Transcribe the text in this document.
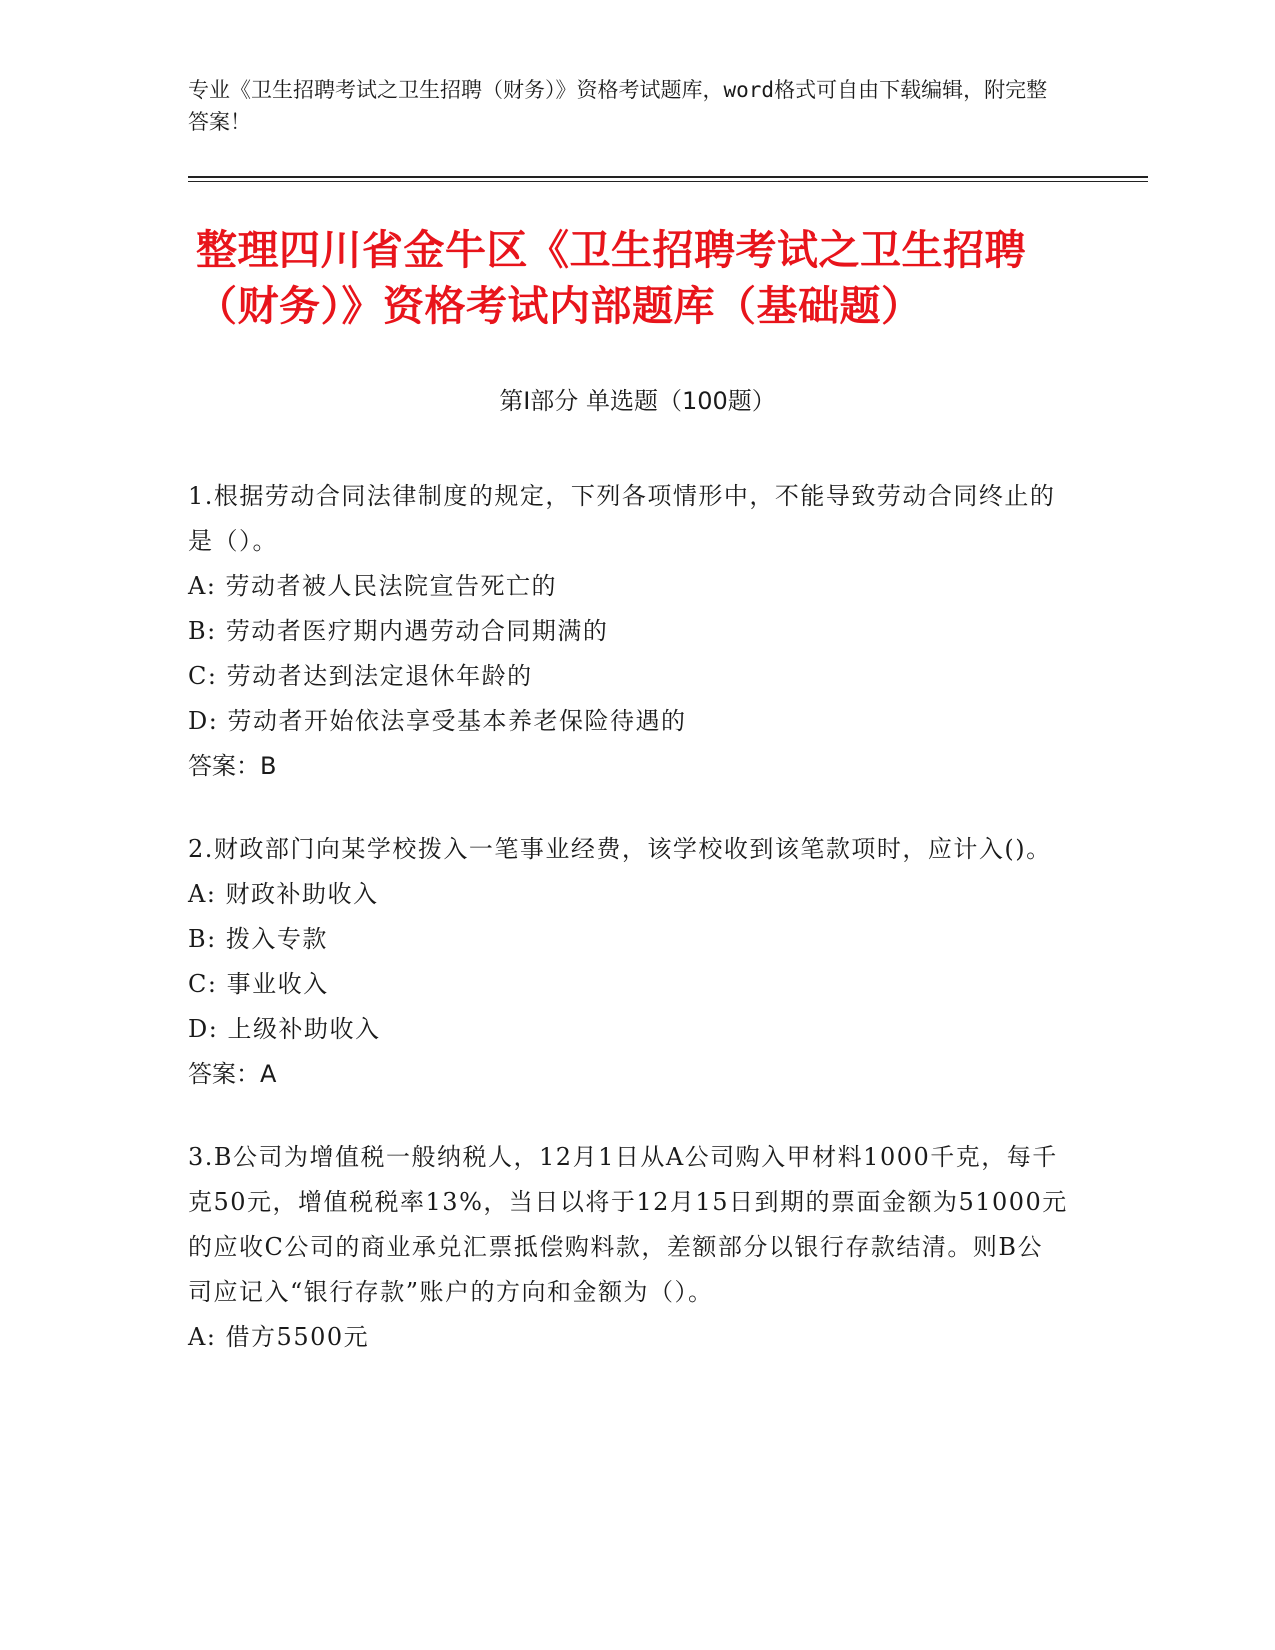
专业《卫生招聘考试之卫生招聘（财务）》资格考试题库，word格式可自由下载编辑，附完整答案！
整理四川省金牛区《卫生招聘考试之卫生招聘（财务）》资格考试内部题库（基础题）
第Ⅰ部分 单选题（100题）
1.根据劳动合同法律制度的规定，下列各项情形中，不能导致劳动合同终止的是（）。
A: 劳动者被人民法院宣告死亡的
B: 劳动者医疗期内遇劳动合同期满的
C: 劳动者达到法定退休年龄的
D: 劳动者开始依法享受基本养老保险待遇的
答案：B
2.财政部门向某学校拨入一笔事业经费，该学校收到该笔款项时，应计入()。
A: 财政补助收入
B: 拨入专款
C: 事业收入
D: 上级补助收入
答案：A
3.B公司为增值税一般纳税人，12月1日从A公司购入甲材料1000千克，每千克50元，增值税税率13%，当日以将于12月15日到期的票面金额为51000元的应收C公司的商业承兑汇票抵偿购料款，差额部分以银行存款结清。则B公司应记入“银行存款”账户的方向和金额为（）。
A: 借方5500元
